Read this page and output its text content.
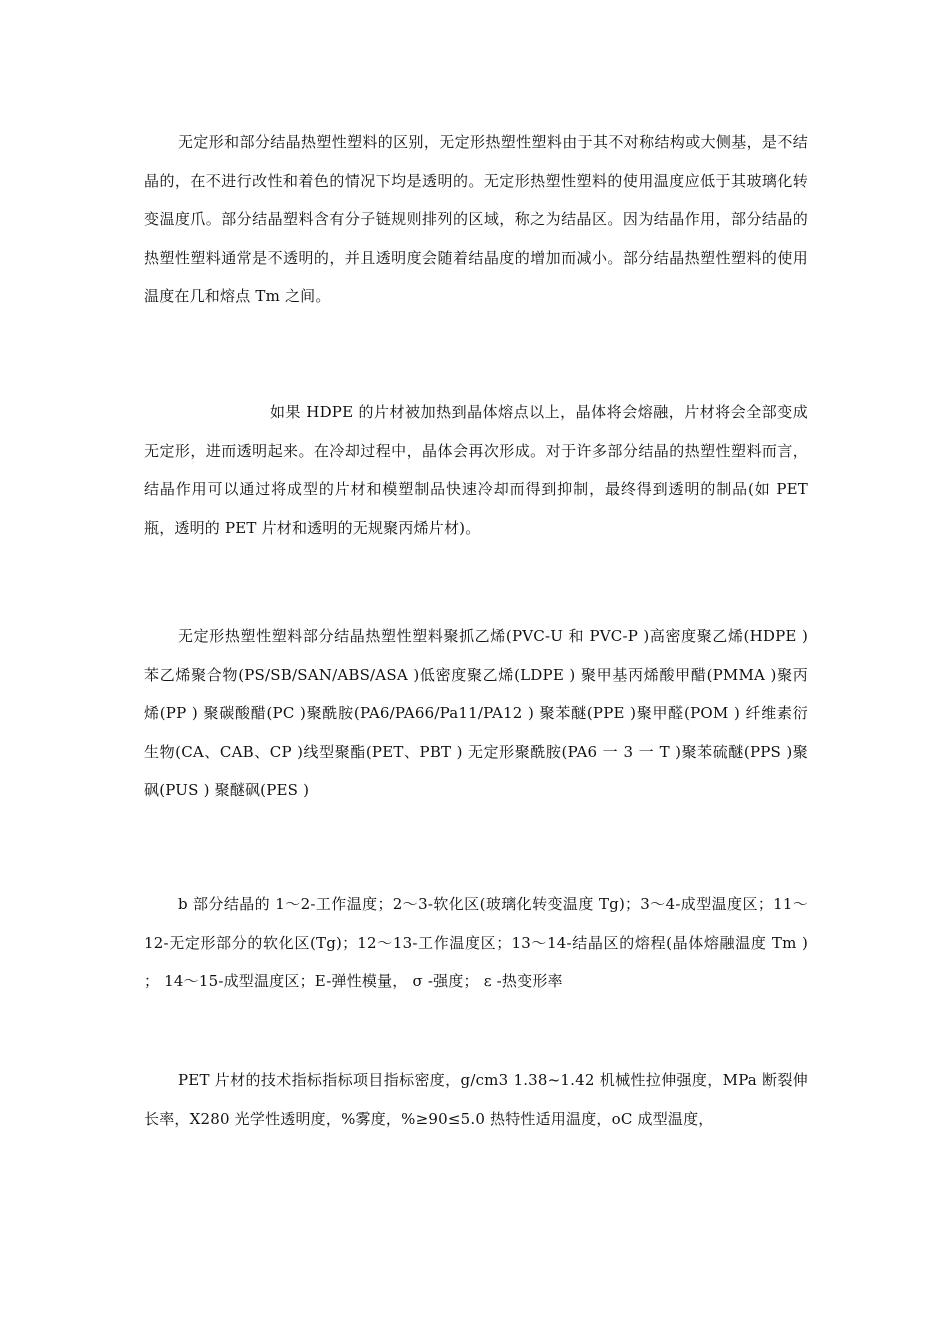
无定形和部分结晶热塑性塑料的区别，无定形热塑性塑料由于其不对称结构或大侧基，是不结晶的，在不进行改性和着色的情况下均是透明的。无定形热塑性塑料的使用温度应低于其玻璃化转变温度爪。部分结晶塑料含有分子链规则排列的区域，称之为结晶区。因为结晶作用，部分结晶的热塑性塑料通常是不透明的，并且透明度会随着结晶度的增加而减小。部分结晶热塑性塑料的使用温度在几和熔点 Tm 之间。

如果 HDPE 的片材被加热到晶体熔点以上，晶体将会熔融，片材将会全部变成无定形，进而透明起来。在冷却过程中，晶体会再次形成。对于许多部分结晶的热塑性塑料而言，结晶作用可以通过将成型的片材和模塑制品快速冷却而得到抑制，最终得到透明的制品(如 PET 瓶，透明的 PET 片材和透明的无规聚丙烯片材)。

无定形热塑性塑料部分结晶热塑性塑料聚抓乙烯(PVC-U 和 PVC-P )高密度聚乙烯(HDPE )苯乙烯聚合物(PS/SB/SAN/ABS/ASA )低密度聚乙烯(LDPE ) 聚甲基丙烯酸甲醋(PMMA )聚丙烯(PP ) 聚碳酸醋(PC )聚酰胺(PA6/PA66/Pa11/PA12 ) 聚苯醚(PPE )聚甲醛(POM ) 纤维素衍生物(CA、CAB、CP )线型聚酯(PET、PBT ) 无定形聚酰胺(PA6 一 3 一 T )聚苯硫醚(PPS )聚砜(PUS ) 聚醚砜(PES )

b 部分结晶的 1～2-工作温度；2～3-软化区(玻璃化转变温度 Tg)；3～4-成型温度区；11～12-无定形部分的软化区(Tg)；12～13-工作温度区；13～14-结晶区的熔程(晶体熔融温度 Tm ) ； 14～15-成型温度区；E-弹性模量， σ -强度； ε -热变形率

PET 片材的技术指标指标项目指标密度，g/cm3 1.38~1.42 机械性拉伸强度，MPa 断裂伸长率，X280 光学性透明度，%雾度，%≥90≤5.0 热特性适用温度，oC 成型温度，
